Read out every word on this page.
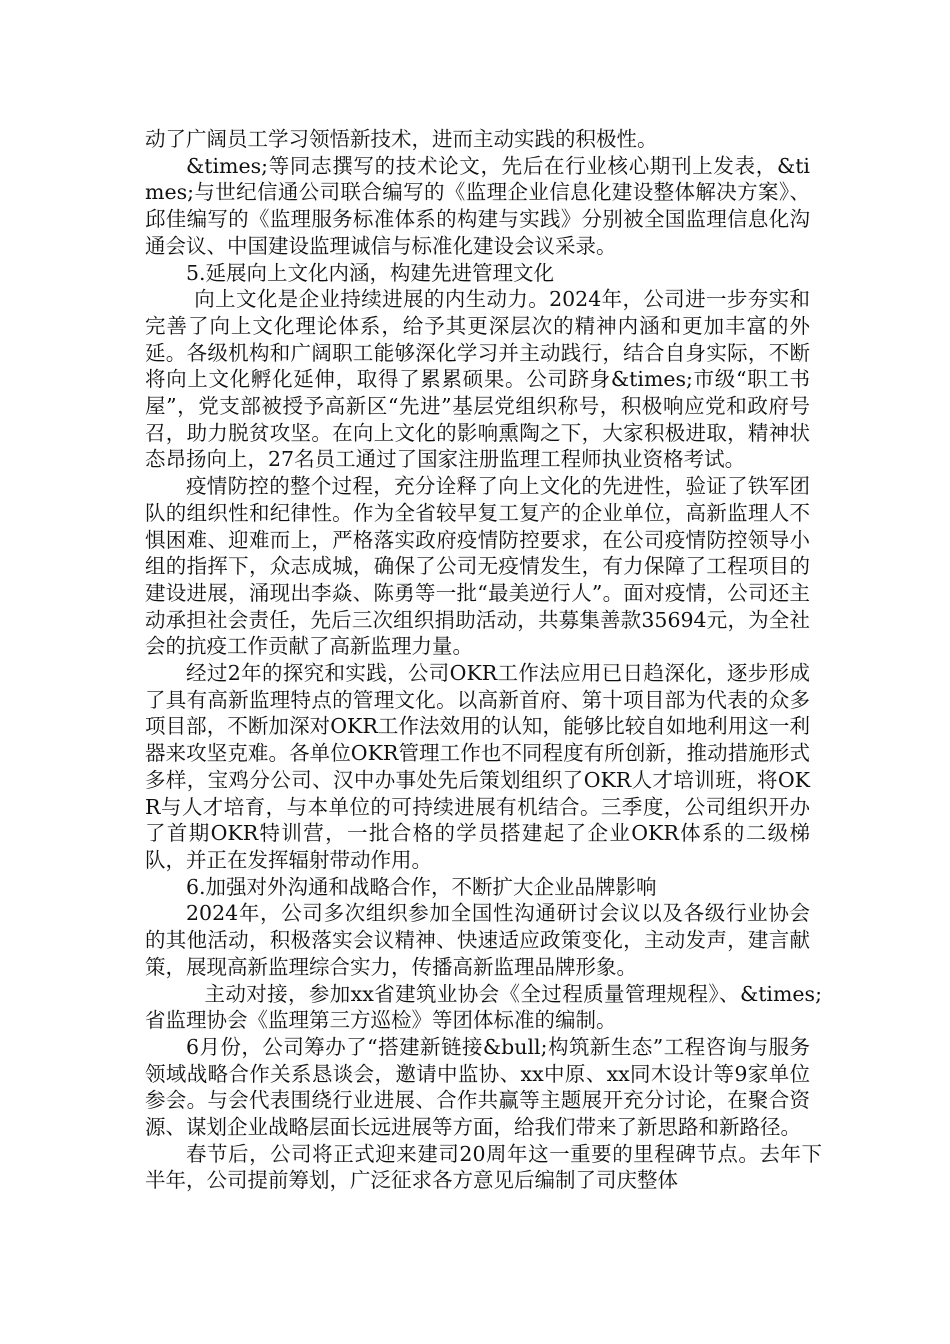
动了广阔员工学习领悟新技术，进而主动实践的积极性。

&times;等同志撰写的技术论文，先后在行业核心期刊上发表，&times;与世纪信通公司联合编写的《监理企业信息化建设整体解决方案》、邱佳编写的《监理服务标准体系的构建与实践》分别被全国监理信息化沟通会议、中国建设监理诚信与标准化建设会议采录。

5.延展向上文化内涵，构建先进管理文化

向上文化是企业持续进展的内生动力。2024年，公司进一步夯实和完善了向上文化理论体系，给予其更深层次的精神内涵和更加丰富的外延。各级机构和广阔职工能够深化学习并主动践行，结合自身实际，不断将向上文化孵化延伸，取得了累累硕果。公司跻身&times;市级“职工书屋”，党支部被授予高新区“先进”基层党组织称号，积极响应党和政府号召，助力脱贫攻坚。在向上文化的影响熏陶之下，大家积极进取，精神状态昂扬向上，27名员工通过了国家注册监理工程师执业资格考试。

疫情防控的整个过程，充分诠释了向上文化的先进性，验证了铁军团队的组织性和纪律性。作为全省较早复工复产的企业单位，高新监理人不惧困难、迎难而上，严格落实政府疫情防控要求，在公司疫情防控领导小组的指挥下，众志成城，确保了公司无疫情发生，有力保障了工程项目的建设进展，涌现出李焱、陈勇等一批“最美逆行人”。面对疫情，公司还主动承担社会责任，先后三次组织捐助活动，共募集善款35694元，为全社会的抗疫工作贡献了高新监理力量。

经过2年的探究和实践，公司OKR工作法应用已日趋深化，逐步形成了具有高新监理特点的管理文化。以高新首府、第十项目部为代表的众多项目部，不断加深对OKR工作法效用的认知，能够比较自如地利用这一利器来攻坚克难。各单位OKR管理工作也不同程度有所创新，推动措施形式多样，宝鸡分公司、汉中办事处先后策划组织了OKR人才培训班，将OKR与人才培育，与本单位的可持续进展有机结合。三季度，公司组织开办了首期OKR特训营，一批合格的学员搭建起了企业OKR体系的二级梯队，并正在发挥辐射带动作用。

6.加强对外沟通和战略合作，不断扩大企业品牌影响

2024年，公司多次组织参加全国性沟通研讨会议以及各级行业协会的其他活动，积极落实会议精神、快速适应政策变化，主动发声，建言献策，展现高新监理综合实力，传播高新监理品牌形象。

主动对接，参加xx省建筑业协会《全过程质量管理规程》、&times;省监理协会《监理第三方巡检》等团体标准的编制。

6月份，公司筹办了“搭建新链接&bull;构筑新生态”工程咨询与服务领域战略合作关系恳谈会，邀请中监协、xx中原、xx同木设计等9家单位参会。与会代表围绕行业进展、合作共赢等主题展开充分讨论，在聚合资源、谋划企业战略层面长远进展等方面，给我们带来了新思路和新路径。

春节后，公司将正式迎来建司20周年这一重要的里程碑节点。去年下半年，公司提前筹划，广泛征求各方意见后编制了司庆整体
